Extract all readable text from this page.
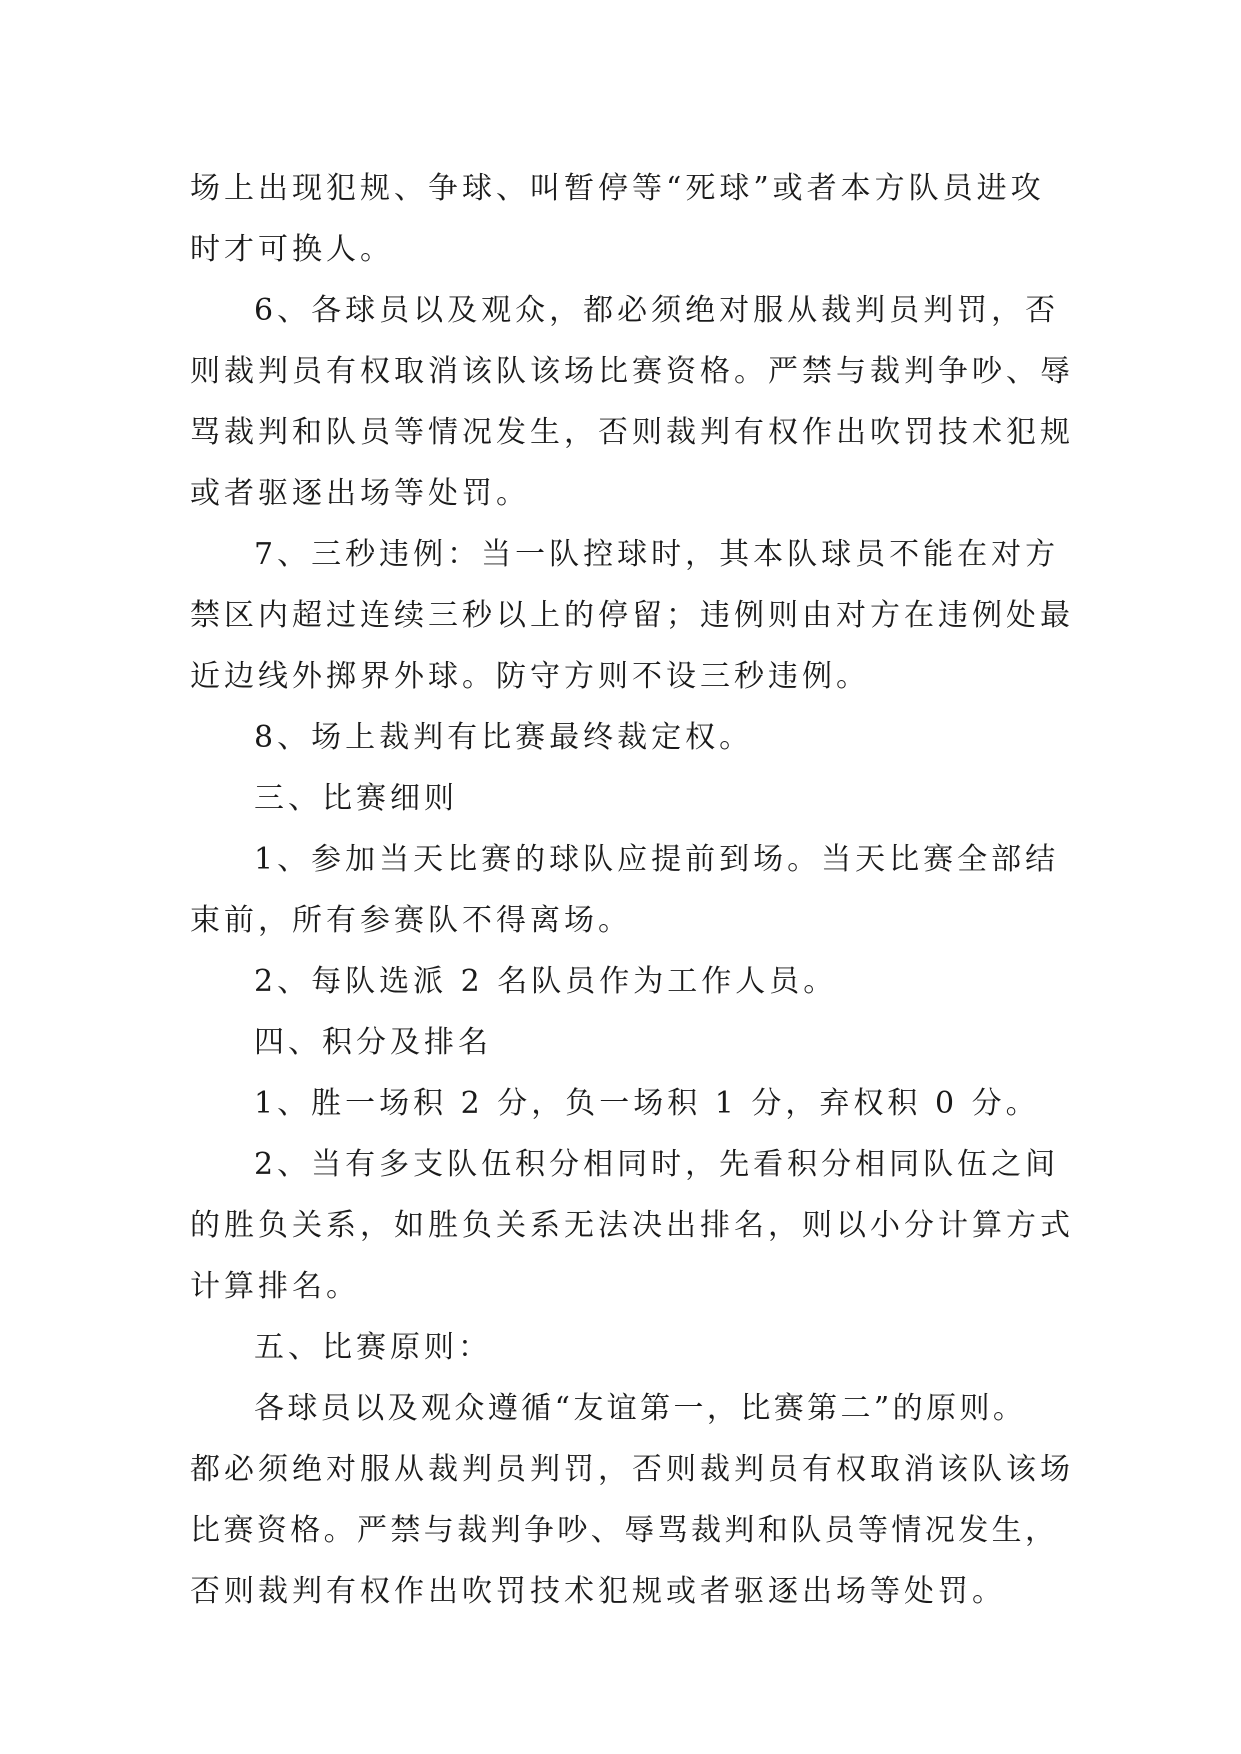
场上出现犯规、争球、叫暂停等“死球”或者本方队员进攻
时才可换人。
6、各球员以及观众，都必须绝对服从裁判员判罚，否
则裁判员有权取消该队该场比赛资格。严禁与裁判争吵、辱
骂裁判和队员等情况发生，否则裁判有权作出吹罚技术犯规
或者驱逐出场等处罚。
7、三秒违例：当一队控球时，其本队球员不能在对方
禁区内超过连续三秒以上的停留；违例则由对方在违例处最
近边线外掷界外球。防守方则不设三秒违例。
8、场上裁判有比赛最终裁定权。
三、比赛细则
1、参加当天比赛的球队应提前到场。当天比赛全部结
束前，所有参赛队不得离场。
2、每队选派 2 名队员作为工作人员。
四、积分及排名
1、胜一场积 2 分，负一场积 1 分，弃权积 0 分。
2、当有多支队伍积分相同时，先看积分相同队伍之间
的胜负关系，如胜负关系无法决出排名，则以小分计算方式
计算排名。
五、比赛原则：
各球员以及观众遵循“友谊第一，比赛第二”的原则。
都必须绝对服从裁判员判罚，否则裁判员有权取消该队该场
比赛资格。严禁与裁判争吵、辱骂裁判和队员等情况发生，
否则裁判有权作出吹罚技术犯规或者驱逐出场等处罚。
